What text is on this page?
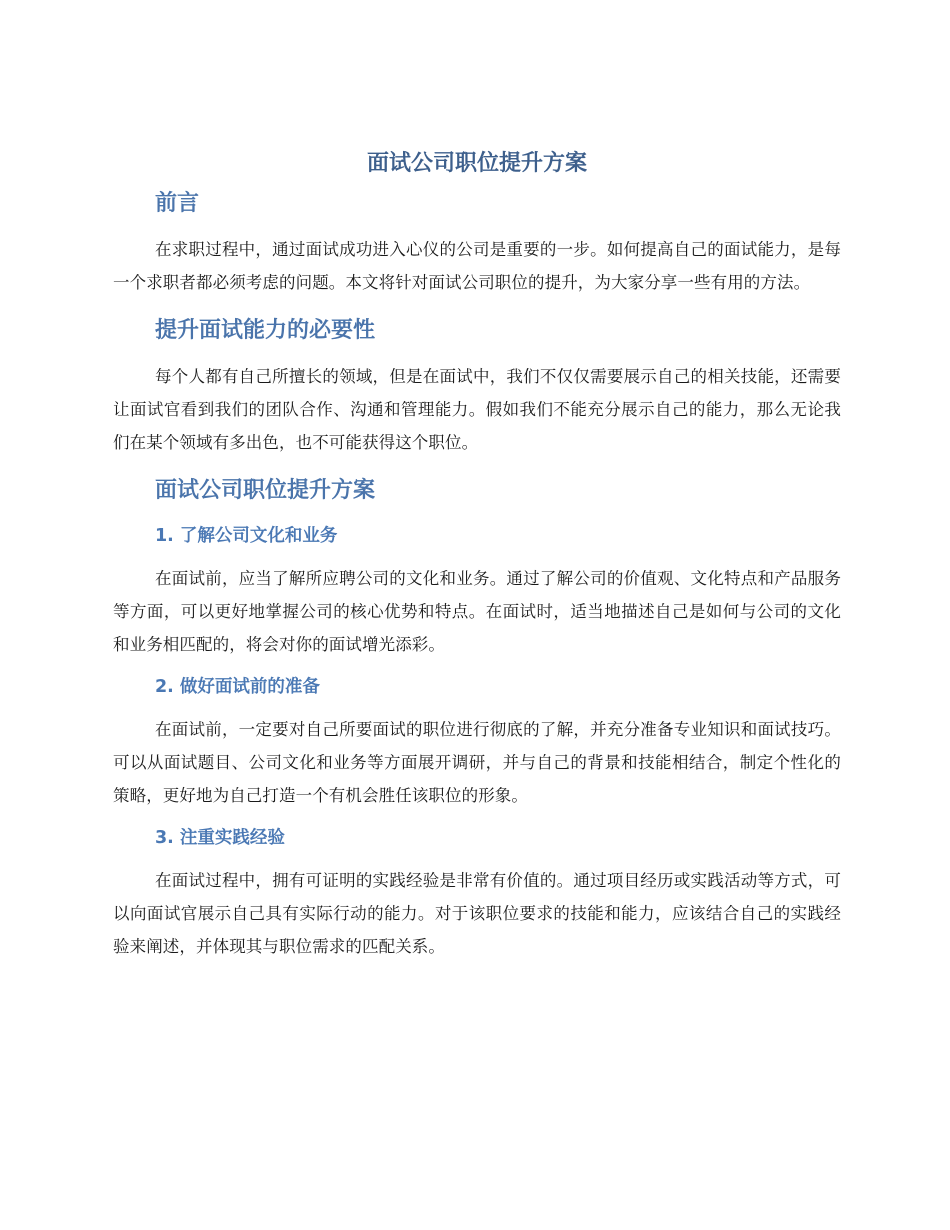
面试公司职位提升方案
前言

在求职过程中，通过面试成功进入心仪的公司是重要的一步。如何提高自己的面试能力，是每一个求职者都必须考虑的问题。本文将针对面试公司职位的提升，为大家分享一些有用的方法。

提升面试能力的必要性

每个人都有自己所擅长的领域，但是在面试中，我们不仅仅需要展示自己的相关技能，还需要让面试官看到我们的团队合作、沟通和管理能力。假如我们不能充分展示自己的能力，那么无论我们在某个领域有多出色，也不可能获得这个职位。

面试公司职位提升方案
1. 了解公司文化和业务

在面试前，应当了解所应聘公司的文化和业务。通过了解公司的价值观、文化特点和产品服务等方面，可以更好地掌握公司的核心优势和特点。在面试时，适当地描述自己是如何与公司的文化和业务相匹配的，将会对你的面试增光添彩。

2. 做好面试前的准备

在面试前，一定要对自己所要面试的职位进行彻底的了解，并充分准备专业知识和面试技巧。可以从面试题目、公司文化和业务等方面展开调研，并与自己的背景和技能相结合，制定个性化的策略，更好地为自己打造一个有机会胜任该职位的形象。

3. 注重实践经验

在面试过程中，拥有可证明的实践经验是非常有价值的。通过项目经历或实践活动等方式，可以向面试官展示自己具有实际行动的能力。对于该职位要求的技能和能力，应该结合自己的实践经验来阐述，并体现其与职位需求的匹配关系。
